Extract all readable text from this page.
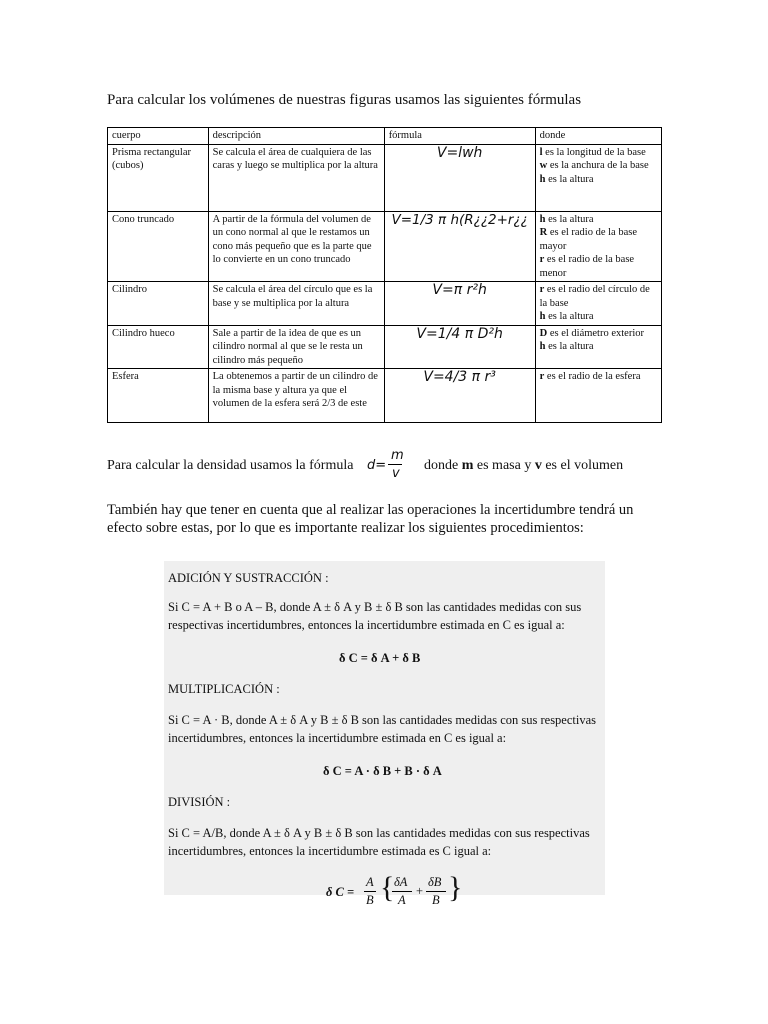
Para calcular los volúmenes de nuestras figuras usamos las siguientes fórmulas
cuerpo	descripción	fórmula	donde
Prisma rectangular (cubos)	Se calcula el área de cualquiera de las caras y luego se multiplica por la altura	V=lwh	l es la longitud de la base
w es la anchura de la base
h es la altura
Cono truncado	A partir de la fórmula del volumen de un cono normal al que le restamos un cono más pequeño que es la parte que lo convierte en un cono truncado	V=1/3 π h(R¿¿2+r¿¿	h es la altura
R es el radio de la base mayor
r es el radio de la base menor
Cilindro	Se calcula el área del círculo que es la base y se multiplica por la altura	V=π r²h	r es el radio del círculo de la base
h es la altura
Cilindro hueco	Sale a partir de la idea de que es un cilindro normal al que se le resta un cilindro más pequeño	V=1/4 π D²h	D es el diámetro exterior
h es la altura
Esfera	La obtenemos a partir de un cilindro de la misma base y altura ya que el volumen de la esfera será 2/3 de este	V=4/3 π r³	r es el radio de la esfera
Para calcular la densidad usamos la fórmula d=
m
v
donde m es masa y v es el volumen
También hay que tener en cuenta que al realizar las operaciones la incertidumbre tendrá un efecto sobre estas, por lo que es importante realizar los siguientes procedimientos:
ADICIÓN Y SUSTRACCIÓN :
Si C = A + B o A – B, donde A ± δ A y B ± δ B son las cantidades medidas con sus
respectivas incertidumbres, entonces la incertidumbre estimada en C es igual a:
δ C = δ A + δ B
MULTIPLICACIÓN :
Si C = A · B, donde A ± δ A y B ± δ B son las cantidades medidas con sus respectivas
incertidumbres, entonces la incertidumbre estimada en C es igual a:
δ C = A · δ B + B · δ A
DIVISIÓN :
Si C = A/B, donde A ± δ A y B ± δ B son las cantidades medidas con sus respectivas
incertidumbres, entonces la incertidumbre estimada es C igual a:
δ C =
A
B { δA
A
+
δB
B }
